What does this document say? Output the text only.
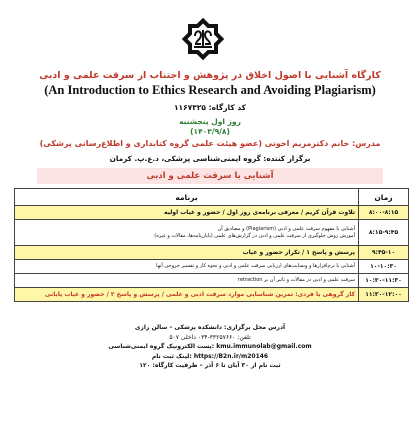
کارگاه آشنایی با اصول اخلاق در پژوهش و اجتناب از سرقت علمی و ادبی
(An Introduction to Ethics Research and Avoiding Plagiarism)
کد کارگاه: ۱۱۶۷۳۲۵
روز اول پنجشنبه
(۱۴۰۳/۹/۸)
مدرس: خانم دکترمریم اخوتی (عضو هیئت علمی گروه کتابداری و اطلاع‌رسانی پزشکی)
برگزار کننده: گروه ایمنی‌شناسی پزشکی، د.ع.پ. کرمان
آشنایی با سرقت علمی و ادبی
برنامه	زمان

تلاوت قرآن کریم / معرفی برنامه‌ی روز اول / حضور و غیاب اولیه	۸:۰۰-۸:۱۵

آشنایی با مفهوم سرقت علمی و ادبی (Plagiarism) و مصادیق آن
آموزش روش جلوگیری از سرقت علمی و ادبی در گزارش‌های علمی (پایان‌نامه‌ها، مقالات و غیره)	۸:۱۵-۹:۴۵

پرسش و پاسخ ۱ / تکرار حضور و غیاب	۹:۴۵-۱۰

آشنایی با نرم‌افزارها و وبسایت‌های ارزیابی سرقت علمی و ادبی و نحوه کار و تفسیر خروجی آنها	۱۰-۱۰:۳۰

سرقت علمی و ادبی در مقالات و تاثیر آن بر retraction	۱۰:۳۰-۱۱:۳۰

کار گروهی یا فردی: تمرین شناسایی موارد سرقت ادبی و علمی / پرسش و پاسخ ۲ / حضور و غیاب پایانی	۱۱:۳۰-۱۲:۰۰
آدرس محل برگزاری: دانشکده پزشکی – سالن رازی
تلفن: ۳۳۲۵۷۶۶۰-۰۳۴ داخلی ۵۰۷
kmu.immunolab@gmail.com :پست الکترونیک گروه ایمنی‌شناسی
https://B2n.ir/m20146 :لینک ثبت نام
ثبت نام از ۳۰ آبان تا ۶ آذر – ظرفیت کارگاه: ۱۲۰
